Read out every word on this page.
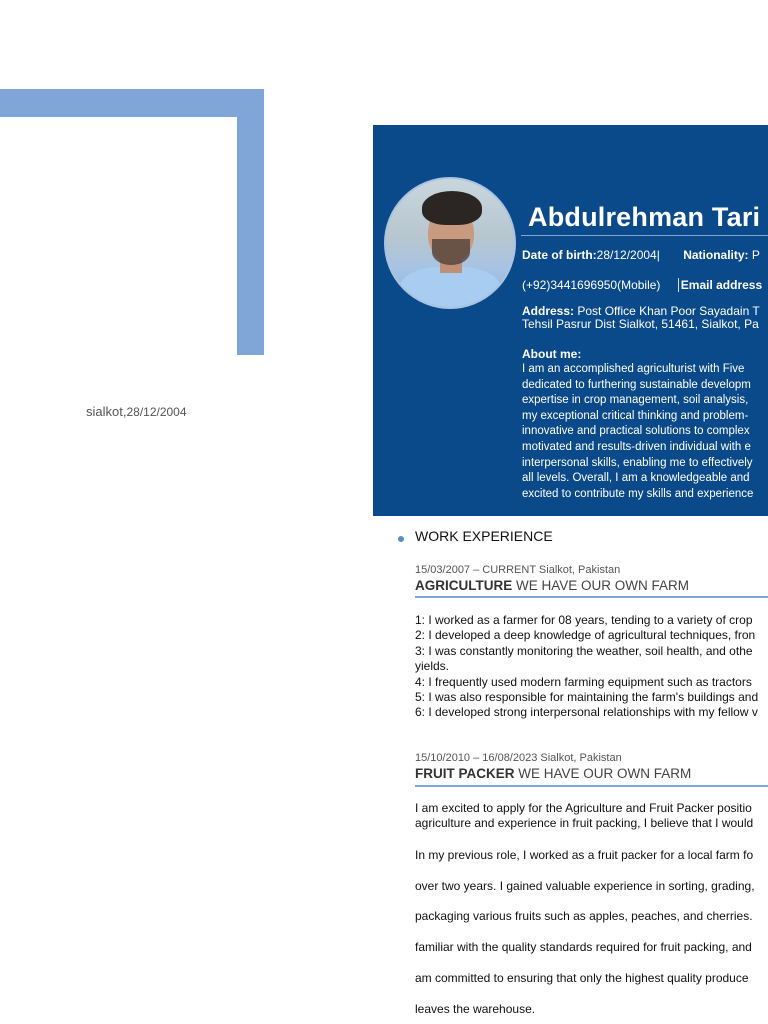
sialkot,28/12/2004
Abdulrehman Tari
Date of birth:28/12/2004| Nationality: P
(+92)3441696950(Mobile) Email address
Address: Post Office Khan Poor Sayadain T
Tehsil Pasrur Dist Sialkot, 51461, Sialkot, Pa
About me:
I am an accomplished agriculturist with Five
dedicated to furthering sustainable developm
expertise in crop management, soil analysis,
my exceptional critical thinking and problem-
innovative and practical solutions to complex
motivated and results-driven individual with e
interpersonal skills, enabling me to effectively
all levels. Overall, I am a knowledgeable and
excited to contribute my skills and experience
WORK EXPERIENCE
15/03/2007 – CURRENT Sialkot, Pakistan
AGRICULTURE WE HAVE OUR OWN FARM
1: I worked as a farmer for 08 years, tending to a variety of crop
2: I developed a deep knowledge of agricultural techniques, fron
3: I was constantly monitoring the weather, soil health, and othe
yields.
4: I frequently used modern farming equipment such as tractors
5: I was also responsible for maintaining the farm's buildings and
6: I developed strong interpersonal relationships with my fellow v
15/10/2010 – 16/08/2023 Sialkot, Pakistan
FRUIT PACKER WE HAVE OUR OWN FARM
I am excited to apply for the Agriculture and Fruit Packer positio
agriculture and experience in fruit packing, I believe that I would
In my previous role, I worked as a fruit packer for a local farm fo
over two years. I gained valuable experience in sorting, grading,
packaging various fruits such as apples, peaches, and cherries.
familiar with the quality standards required for fruit packing, and
am committed to ensuring that only the highest quality produce
leaves the warehouse.
